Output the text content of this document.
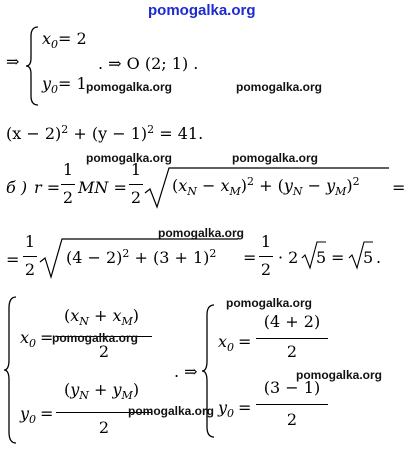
pomogalka.org
⇒
$x_0= 2$
$y_0= 1$
. ⇒ O (2; 1) .
pomogalka.org	pomogalka.org
$(x - 2)^2 + (y - 1)^2 = 41$.
pomogalka.org	pomogalka.org
б ) r =
1
2
MN =
1
2
$(x_N - x_M)^2 + (y_N - y_M)^2$ =
pomogalka.org
=
1
2
$(4 - 2)^2 + (3 + 1)^2$ =
1
2
· 2 5 = 5 .
$x_0$ =
$(x_N + x_M)$
2
pomogalka.org
$y_0$ =
$(y_N + y_M)$
2
pomogalka.org
. ⇒
pomogalka.org
$x_0$ =
(4 + 2)
2
pomogalka.org
$y_0$ =
(3 − 1)
2
